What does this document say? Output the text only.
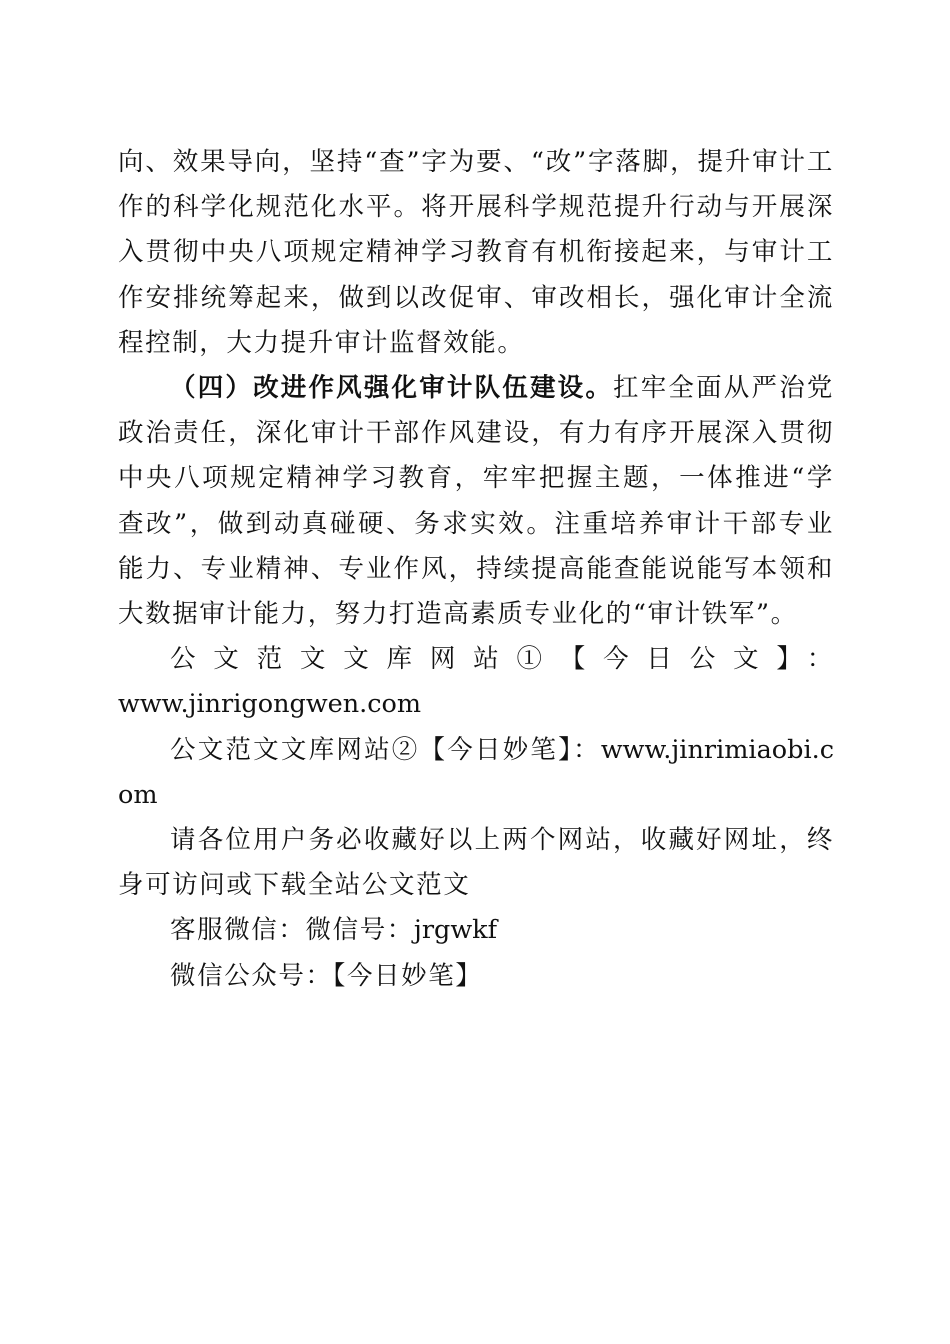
向、效果导向，坚持“查”字为要、“改”字落脚，提升审计工作的科学化规范化水平。将开展科学规范提升行动与开展深入贯彻中央八项规定精神学习教育有机衔接起来，与审计工作安排统筹起来，做到以改促审、审改相长，强化审计全流程控制，大力提升审计监督效能。

（四）改进作风强化审计队伍建设。扛牢全面从严治党政治责任，深化审计干部作风建设，有力有序开展深入贯彻中央八项规定精神学习教育，牢牢把握主题，一体推进“学查改”，做到动真碰硬、务求实效。注重培养审计干部专业能力、专业精神、专业作风，持续提高能查能说能写本领和大数据审计能力，努力打造高素质专业化的“审计铁军”。

公文范文文库网站①【今日公文】：

www.jinrigongwen.com

公文范文文库网站②【今日妙笔】：www.jinrimiaobi.com

请各位用户务必收藏好以上两个网站，收藏好网址，终身可访问或下载全站公文范文

客服微信：微信号：jrgwkf

微信公众号：【今日妙笔】
